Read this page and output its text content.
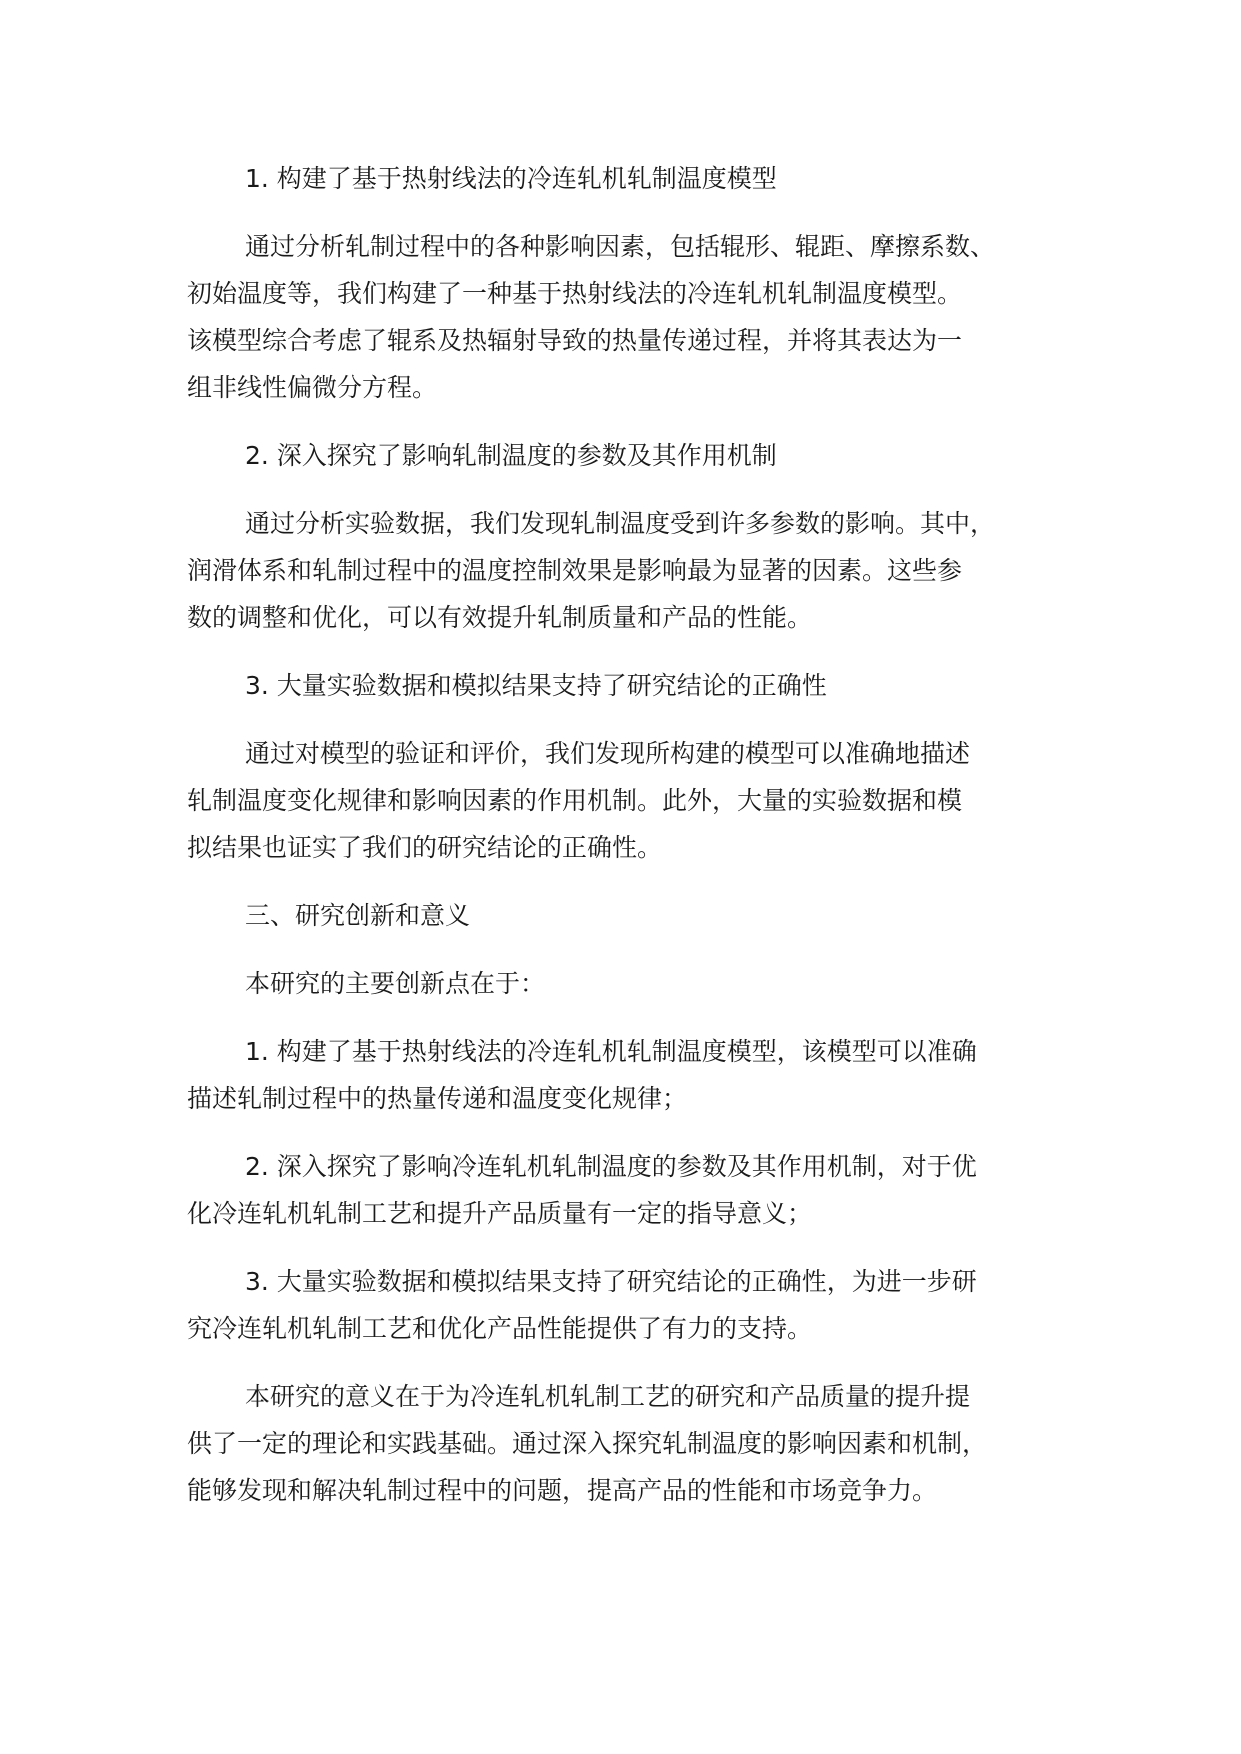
1. 构建了基于热射线法的冷连轧机轧制温度模型

通过分析轧制过程中的各种影响因素，包括辊形、辊距、摩擦系数、
初始温度等，我们构建了一种基于热射线法的冷连轧机轧制温度模型。
该模型综合考虑了辊系及热辐射导致的热量传递过程，并将其表达为一
组非线性偏微分方程。

2. 深入探究了影响轧制温度的参数及其作用机制

通过分析实验数据，我们发现轧制温度受到许多参数的影响。其中，
润滑体系和轧制过程中的温度控制效果是影响最为显著的因素。这些参
数的调整和优化，可以有效提升轧制质量和产品的性能。

3. 大量实验数据和模拟结果支持了研究结论的正确性

通过对模型的验证和评价，我们发现所构建的模型可以准确地描述
轧制温度变化规律和影响因素的作用机制。此外，大量的实验数据和模
拟结果也证实了我们的研究结论的正确性。

三、研究创新和意义

本研究的主要创新点在于：

1. 构建了基于热射线法的冷连轧机轧制温度模型，该模型可以准确
描述轧制过程中的热量传递和温度变化规律；

2. 深入探究了影响冷连轧机轧制温度的参数及其作用机制，对于优
化冷连轧机轧制工艺和提升产品质量有一定的指导意义；

3. 大量实验数据和模拟结果支持了研究结论的正确性，为进一步研
究冷连轧机轧制工艺和优化产品性能提供了有力的支持。

本研究的意义在于为冷连轧机轧制工艺的研究和产品质量的提升提
供了一定的理论和实践基础。通过深入探究轧制温度的影响因素和机制，
能够发现和解决轧制过程中的问题，提高产品的性能和市场竞争力。
